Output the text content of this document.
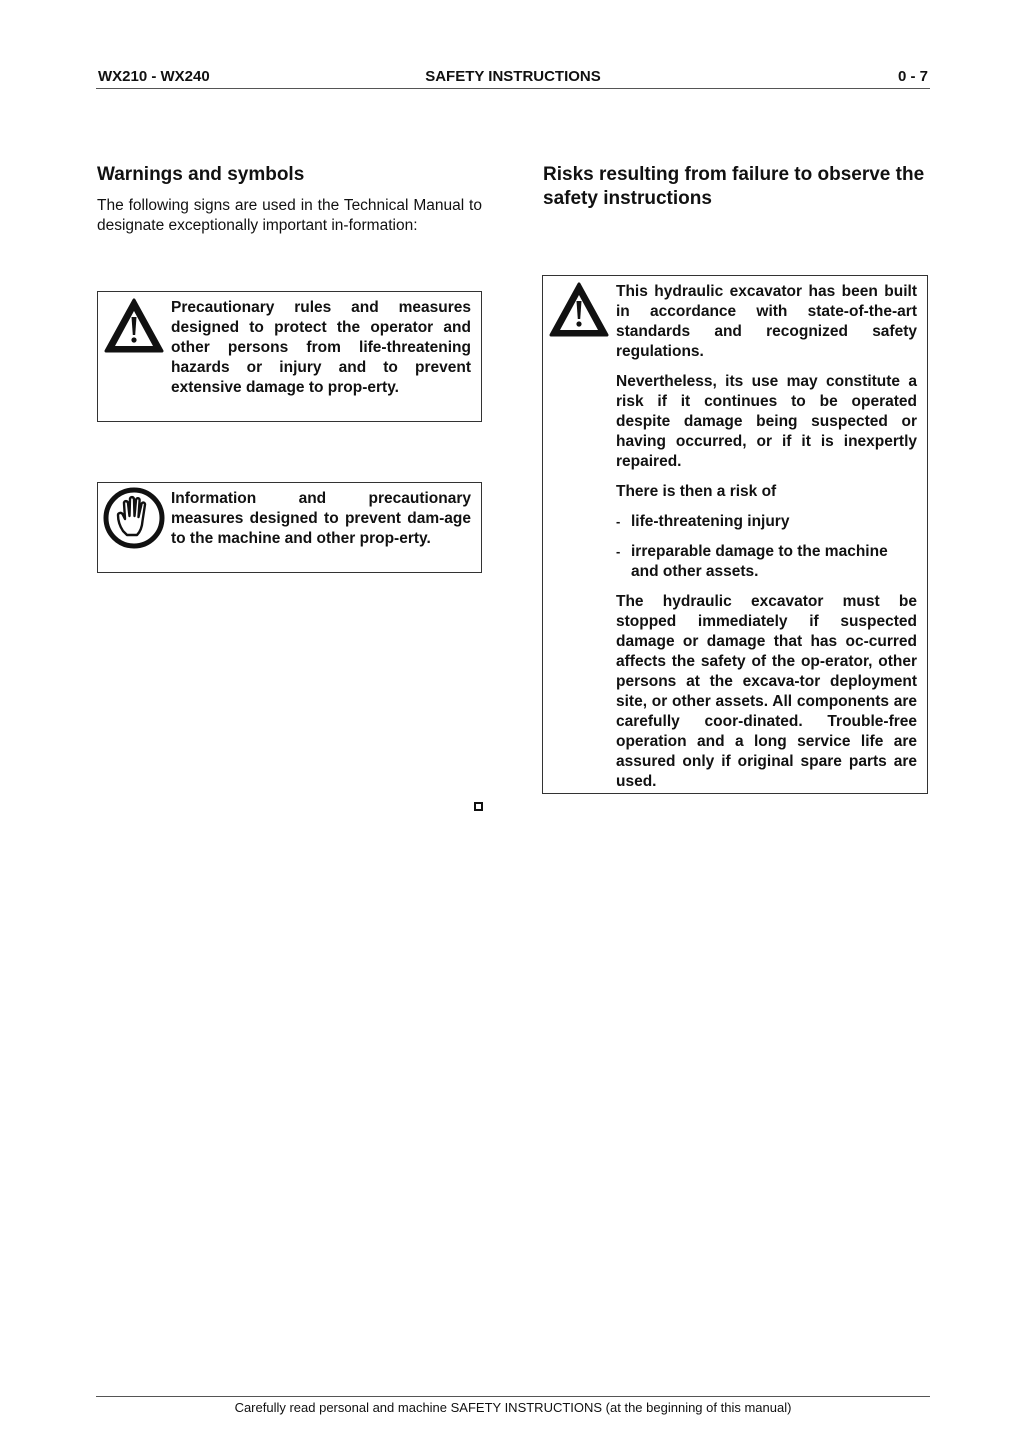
WX210 - WX240	SAFETY INSTRUCTIONS	0 - 7
Warnings and symbols

The following signs are used in the Technical Manual to designate exceptionally important in-formation:

Precautionary rules and measures designed to protect the operator and other persons from life-threatening hazards or injury and to prevent extensive damage to prop-erty.
Information and precautionary measures designed to prevent dam-age to the machine and other prop-erty.
Risks resulting from failure to observe the safety instructions

This hydraulic excavator has been built in accordance with state-of-the-art standards and recognized safety regulations.

Nevertheless, its use may constitute a risk if it continues to be operated despite damage being suspected or having occurred, or if it is inexpertly repaired.

There is then a risk of

- life-threatening injury

- irreparable damage to the machine and other assets.

The hydraulic excavator must be stopped immediately if suspected damage or damage that has oc-curred affects the safety of the op-erator, other persons at the excava-tor deployment site, or other assets. All components are carefully coor-dinated. Trouble-free operation and a long service life are assured only if original spare parts are used.

Carefully read personal and machine SAFETY INSTRUCTIONS (at the beginning of this manual)
